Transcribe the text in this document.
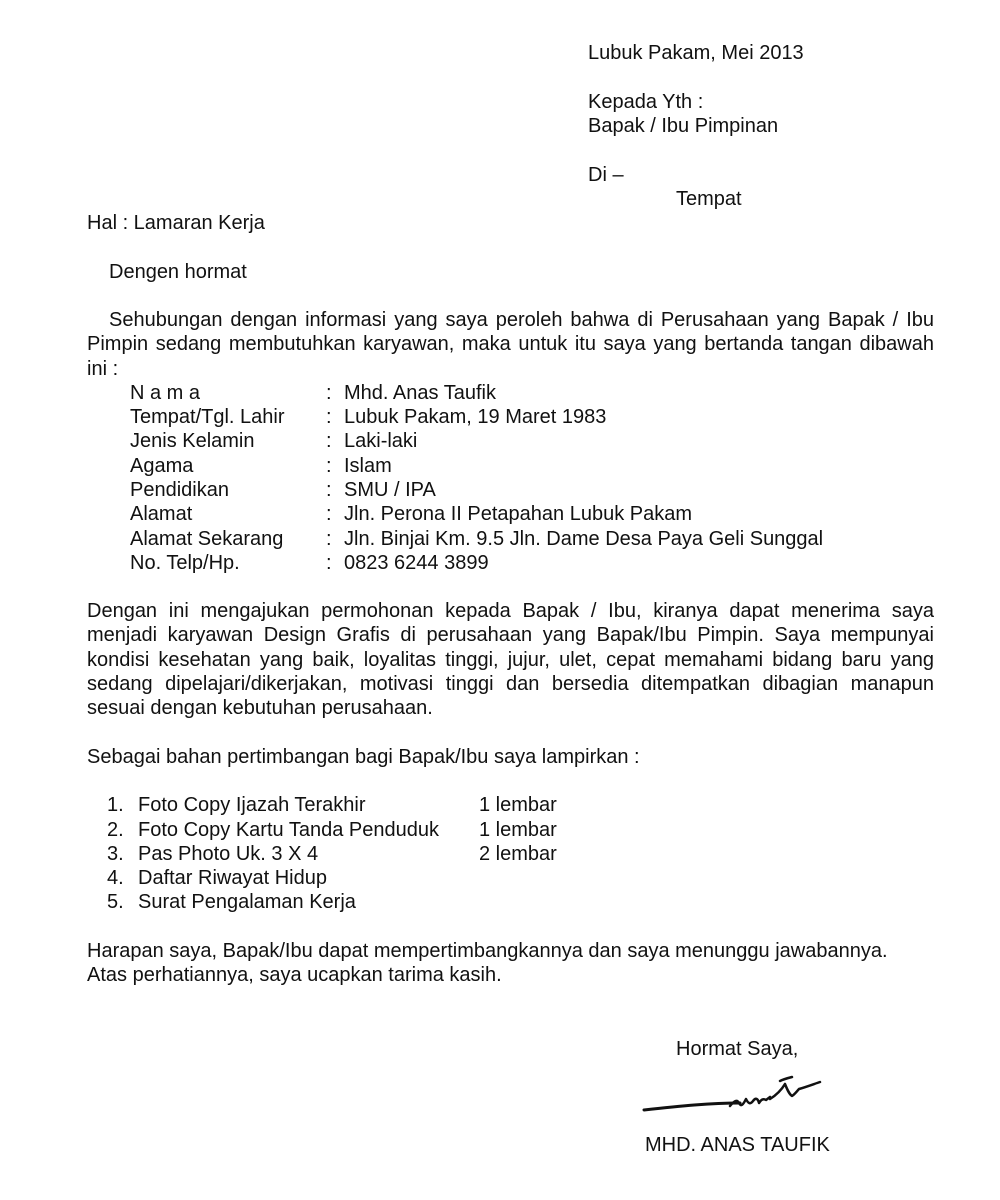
Lubuk Pakam, Mei 2013
Kepada Yth :
Bapak / Ibu Pimpinan
Di –
Tempat
Hal : Lamaran Kerja
Dengen hormat
Sehubungan dengan informasi yang saya peroleh bahwa di Perusahaan yang Bapak / Ibu Pimpin sedang membutuhkan karyawan, maka untuk itu saya yang bertanda tangan dibawah ini :
N a m a	: Mhd. Anas Taufik
Tempat/Tgl. Lahir : Lubuk Pakam, 19 Maret 1983
Jenis Kelamin	: Laki-laki
Agama	: Islam
Pendidikan	: SMU / IPA
Alamat	: Jln. Perona II Petapahan Lubuk Pakam
Alamat Sekarang : Jln. Binjai Km. 9.5 Jln. Dame Desa Paya Geli Sunggal
No. Telp/Hp.	: 0823 6244 3899
Dengan ini mengajukan permohonan kepada Bapak / Ibu, kiranya dapat menerima saya menjadi karyawan Design Grafis di perusahaan yang Bapak/Ibu Pimpin. Saya mempunyai kondisi kesehatan yang baik, loyalitas tinggi, jujur, ulet, cepat memahami bidang baru yang sedang dipelajari/dikerjakan, motivasi tinggi dan bersedia ditempatkan dibagian manapun sesuai dengan kebutuhan perusahaan.
Sebagai bahan pertimbangan bagi Bapak/Ibu saya lampirkan :
1. Foto Copy Ijazah Terakhir	1 lembar
2. Foto Copy Kartu Tanda Penduduk 1 lembar
3. Pas Photo Uk. 3 X 4	2 lembar
4. Daftar Riwayat Hidup
5. Surat Pengalaman Kerja
Harapan saya, Bapak/Ibu dapat mempertimbangkannya dan saya menunggu jawabannya.
Atas perhatiannya, saya ucapkan tarima kasih.
Hormat Saya,
MHD. ANAS TAUFIK
